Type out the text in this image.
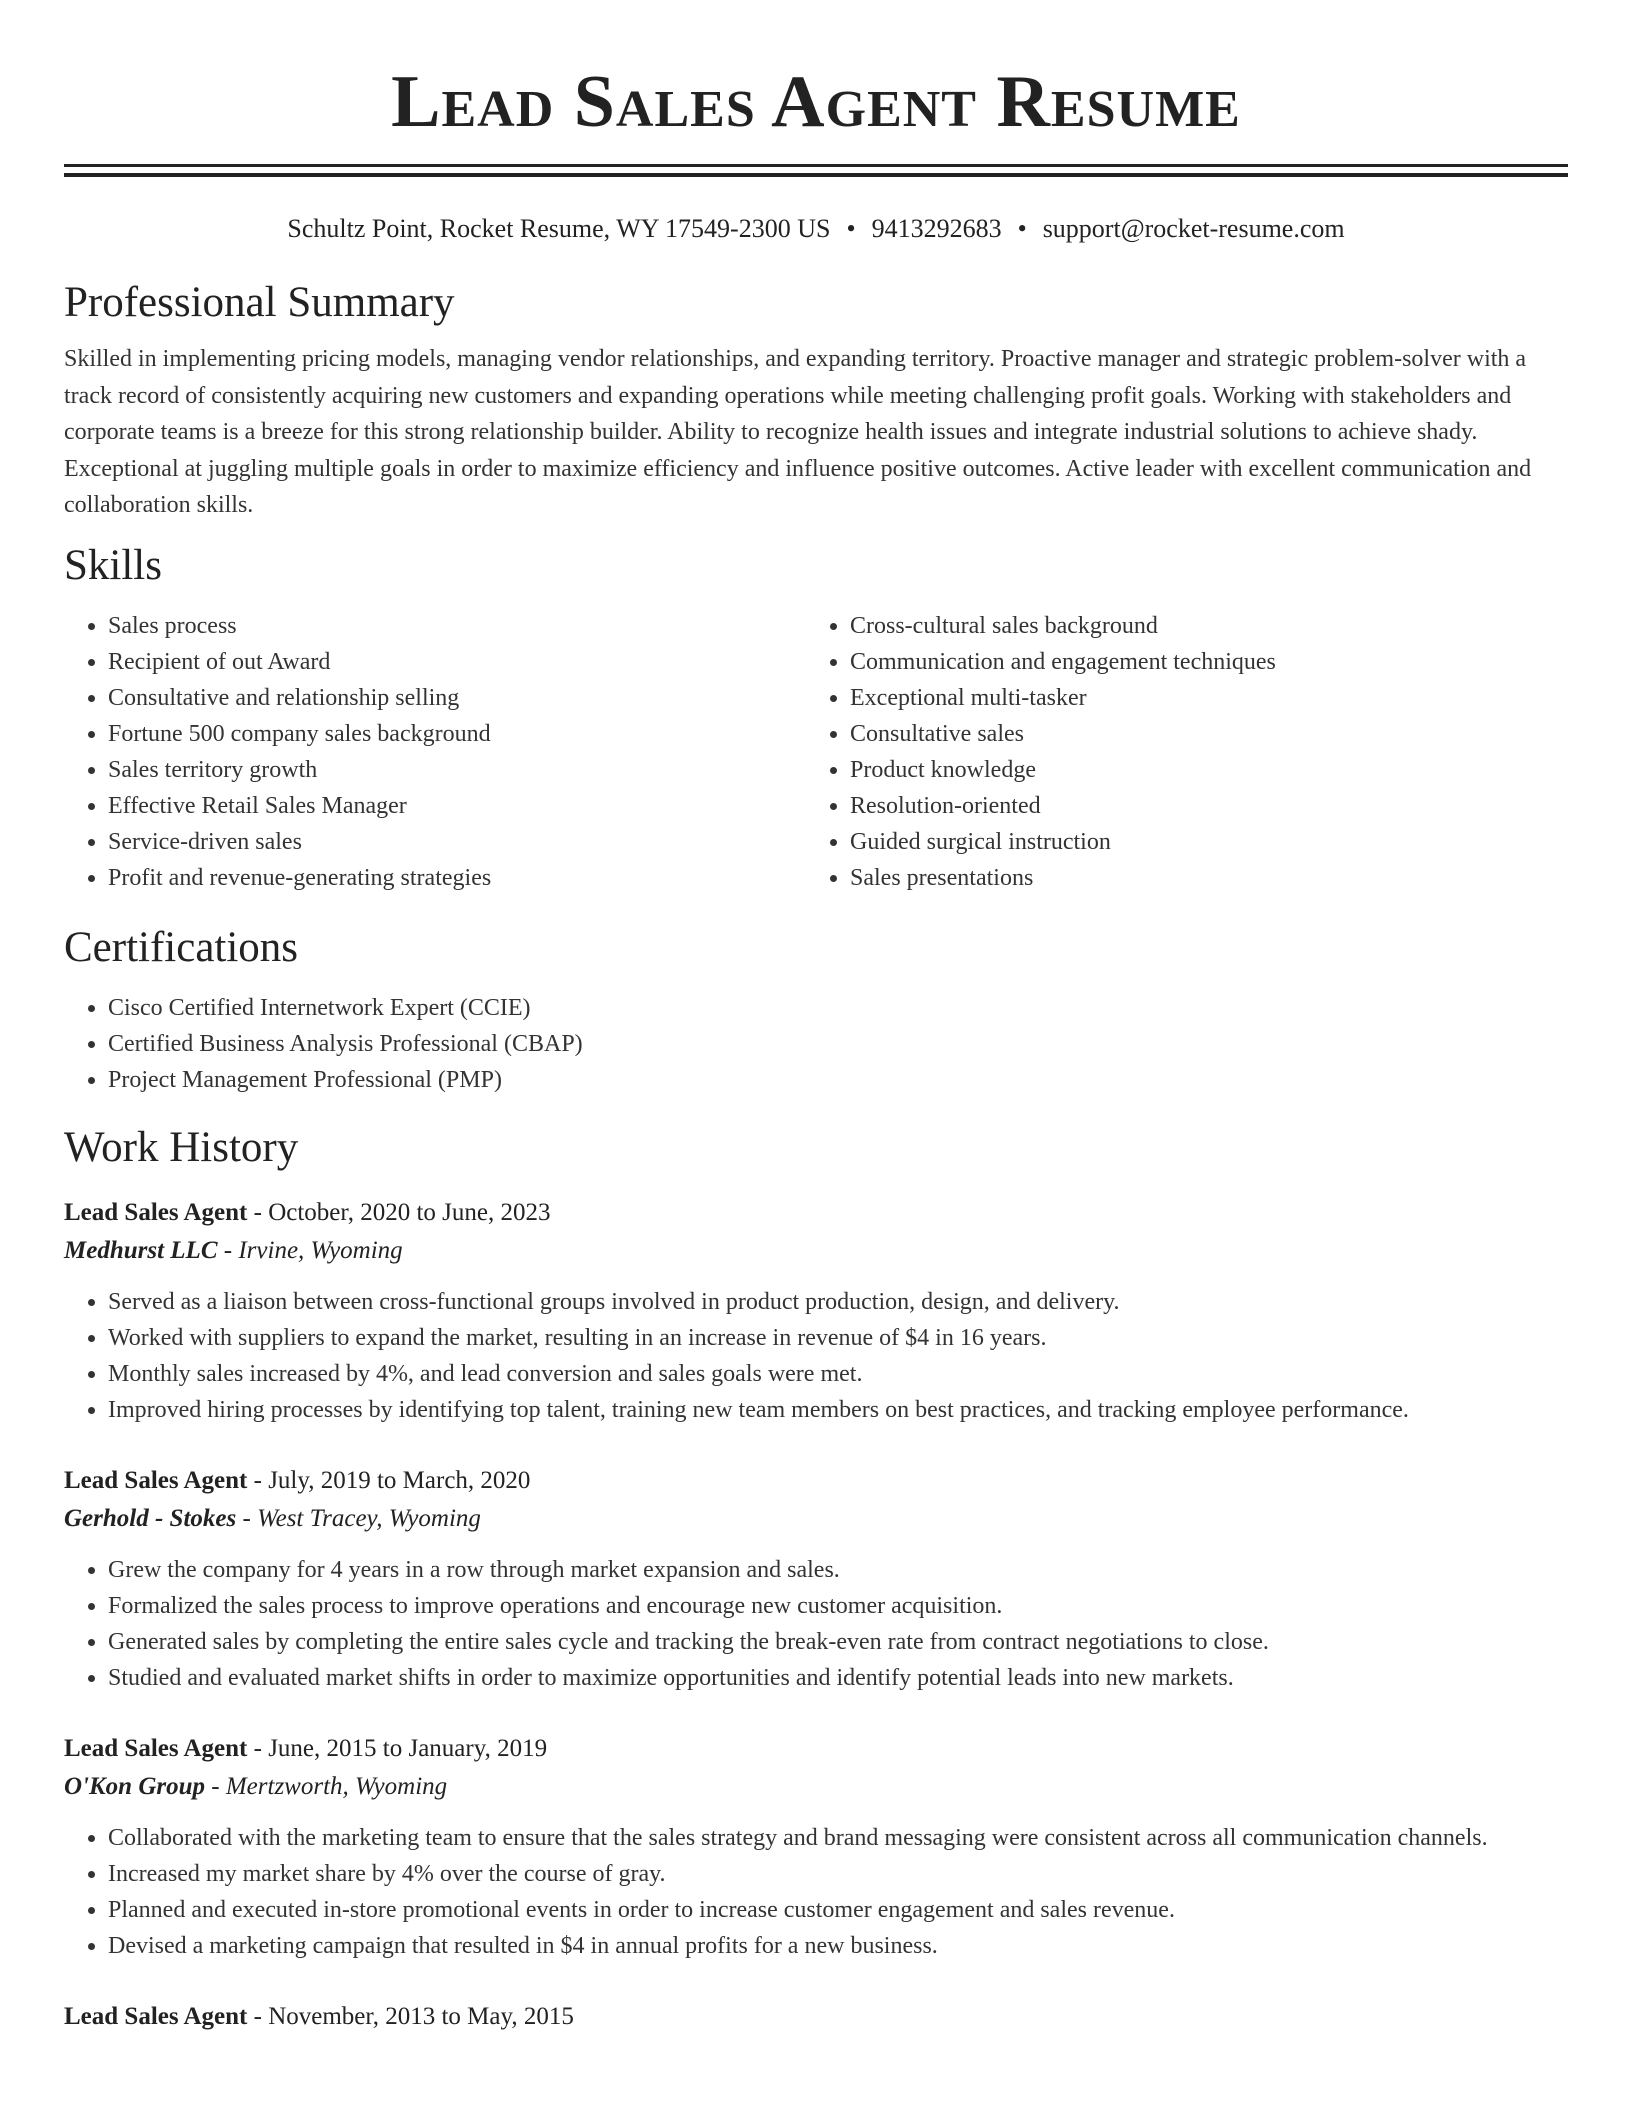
Lead Sales Agent Resume
Schultz Point, Rocket Resume, WY 17549-2300 US • 9413292683 • support@rocket-resume.com
Professional Summary

Skilled in implementing pricing models, managing vendor relationships, and expanding territory. Proactive manager and strategic problem-solver with a track record of consistently acquiring new customers and expanding operations while meeting challenging profit goals. Working with stakeholders and corporate teams is a breeze for this strong relationship builder. Ability to recognize health issues and integrate industrial solutions to achieve shady. Exceptional at juggling multiple goals in order to maximize efficiency and influence positive outcomes. Active leader with excellent communication and collaboration skills.

Skills
• Sales process
• Recipient of out Award
• Consultative and relationship selling
• Fortune 500 company sales background
• Sales territory growth
• Effective Retail Sales Manager
• Service-driven sales
• Profit and revenue-generating strategies
• Cross-cultural sales background
• Communication and engagement techniques
• Exceptional multi-tasker
• Consultative sales
• Product knowledge
• Resolution-oriented
• Guided surgical instruction
• Sales presentations
Certifications
• Cisco Certified Internetwork Expert (CCIE)
• Certified Business Analysis Professional (CBAP)
• Project Management Professional (PMP)
Work History
Lead Sales Agent - October, 2020 to June, 2023
Medhurst LLC - Irvine, Wyoming
• Served as a liaison between cross-functional groups involved in product production, design, and delivery.
• Worked with suppliers to expand the market, resulting in an increase in revenue of $4 in 16 years.
• Monthly sales increased by 4%, and lead conversion and sales goals were met.
• Improved hiring processes by identifying top talent, training new team members on best practices, and tracking employee performance.
Lead Sales Agent - July, 2019 to March, 2020
Gerhold - Stokes - West Tracey, Wyoming
• Grew the company for 4 years in a row through market expansion and sales.
• Formalized the sales process to improve operations and encourage new customer acquisition.
• Generated sales by completing the entire sales cycle and tracking the break-even rate from contract negotiations to close.
• Studied and evaluated market shifts in order to maximize opportunities and identify potential leads into new markets.
Lead Sales Agent - June, 2015 to January, 2019
O'Kon Group - Mertzworth, Wyoming
• Collaborated with the marketing team to ensure that the sales strategy and brand messaging were consistent across all communication channels.
• Increased my market share by 4% over the course of gray.
• Planned and executed in-store promotional events in order to increase customer engagement and sales revenue.
• Devised a marketing campaign that resulted in $4 in annual profits for a new business.
Lead Sales Agent - November, 2013 to May, 2015
